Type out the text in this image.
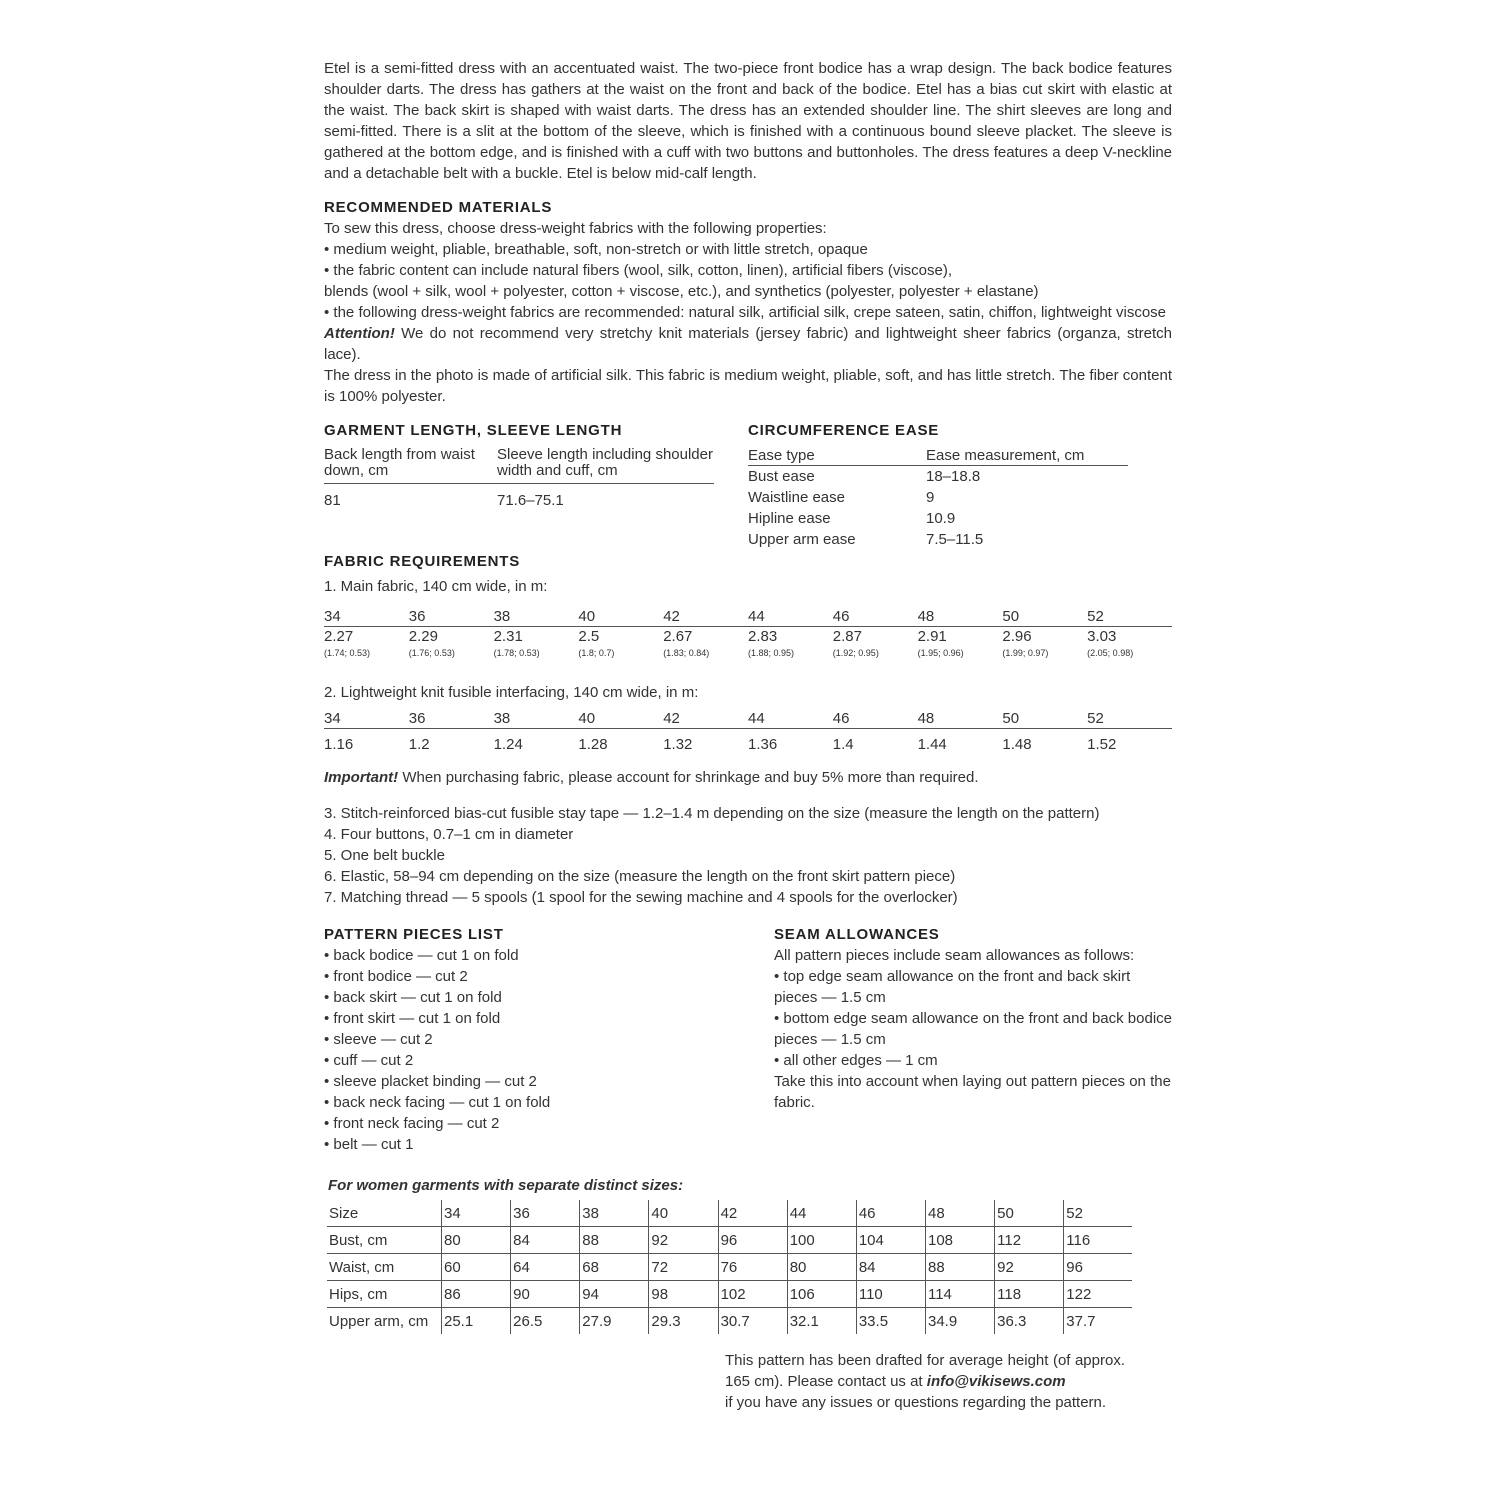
Etel is a semi-fitted dress with an accentuated waist. The two-piece front bodice has a wrap design. The back bodice features shoulder darts. The dress has gathers at the waist on the front and back of the bodice. Etel has a bias cut skirt with elastic at the waist. The back skirt is shaped with waist darts. The dress has an extended shoulder line. The shirt sleeves are long and semi-fitted. There is a slit at the bottom of the sleeve, which is finished with a continuous bound sleeve placket. The sleeve is gathered at the bottom edge, and is finished with a cuff with two buttons and buttonholes. The dress features a deep V-neckline and a detachable belt with a buckle. Etel is below mid-calf length.

RECOMMENDED MATERIALS

To sew this dress, choose dress-weight fabrics with the following properties:

• medium weight, pliable, breathable, soft, non-stretch or with little stretch, opaque

• the fabric content can include natural fibers (wool, silk, cotton, linen), artificial fibers (viscose),

blends (wool + silk, wool + polyester, cotton + viscose, etc.), and synthetics (polyester, polyester + elastane)

• the following dress-weight fabrics are recommended: natural silk, artificial silk, crepe sateen, satin, chiffon, lightweight viscose

Attention! We do not recommend very stretchy knit materials (jersey fabric) and lightweight sheer fabrics (organza, stretch lace).

The dress in the photo is made of artificial silk. This fabric is medium weight, pliable, soft, and has little stretch. The fiber content is 100% polyester.

GARMENT LENGTH, SLEEVE LENGTH
Back length from waist down, cm	Sleeve length including shoulder width and cuff, cm
81	71.6–75.1
CIRCUMFERENCE EASE
Ease type	Ease measurement, cm
Bust ease	18–18.8
Waistline ease	9
Hipline ease	10.9
Upper arm ease	7.5–11.5
FABRIC REQUIREMENTS

1. Main fabric, 140 cm wide, in m:

34	36	38	40	42	44	46	48	50	52
2.27	2.29	2.31	2.5	2.67	2.83	2.87	2.91	2.96	3.03
(1.74; 0.53)	(1.76; 0.53)	(1.78; 0.53)	(1.8; 0.7)	(1.83; 0.84)	(1.88; 0.95)	(1.92; 0.95)	(1.95; 0.96)	(1.99; 0.97)	(2.05; 0.98)

2. Lightweight knit fusible interfacing, 140 cm wide, in m:

34	36	38	40	42	44	46	48	50	52
1.16	1.2	1.24	1.28	1.32	1.36	1.4	1.44	1.48	1.52

Important! When purchasing fabric, please account for shrinkage and buy 5% more than required.

3. Stitch-reinforced bias-cut fusible stay tape — 1.2–1.4 m depending on the size (measure the length on the pattern)

4. Four buttons, 0.7–1 cm in diameter

5. One belt buckle

6. Elastic, 58–94 cm depending on the size (measure the length on the front skirt pattern piece)

7. Matching thread — 5 spools (1 spool for the sewing machine and 4 spools for the overlocker)

PATTERN PIECES LIST

• back bodice — cut 1 on fold

• front bodice — cut 2

• back skirt — cut 1 on fold

• front skirt — cut 1 on fold

• sleeve — cut 2

• cuff — cut 2

• sleeve placket binding — cut 2

• back neck facing — cut 1 on fold

• front neck facing — cut 2

• belt — cut 1

SEAM ALLOWANCES

All pattern pieces include seam allowances as follows:

• top edge seam allowance on the front and back skirt pieces — 1.5 cm

• bottom edge seam allowance on the front and back bodice pieces — 1.5 cm

• all other edges — 1 cm

Take this into account when laying out pattern pieces on the fabric.

For women garments with separate distinct sizes:

Size	34	36	38	40	42	44	46	48	50	52
Bust, cm	80	84	88	92	96	100	104	108	112	116
Waist, cm	60	64	68	72	76	80	84	88	92	96
Hips, cm	86	90	94	98	102	106	110	114	118	122
Upper arm, cm	25.1	26.5	27.9	29.3	30.7	32.1	33.5	34.9	36.3	37.7

This pattern has been drafted for average height (of approx. 165 cm). Please contact us at info@vikisews.com
if you have any issues or questions regarding the pattern.
